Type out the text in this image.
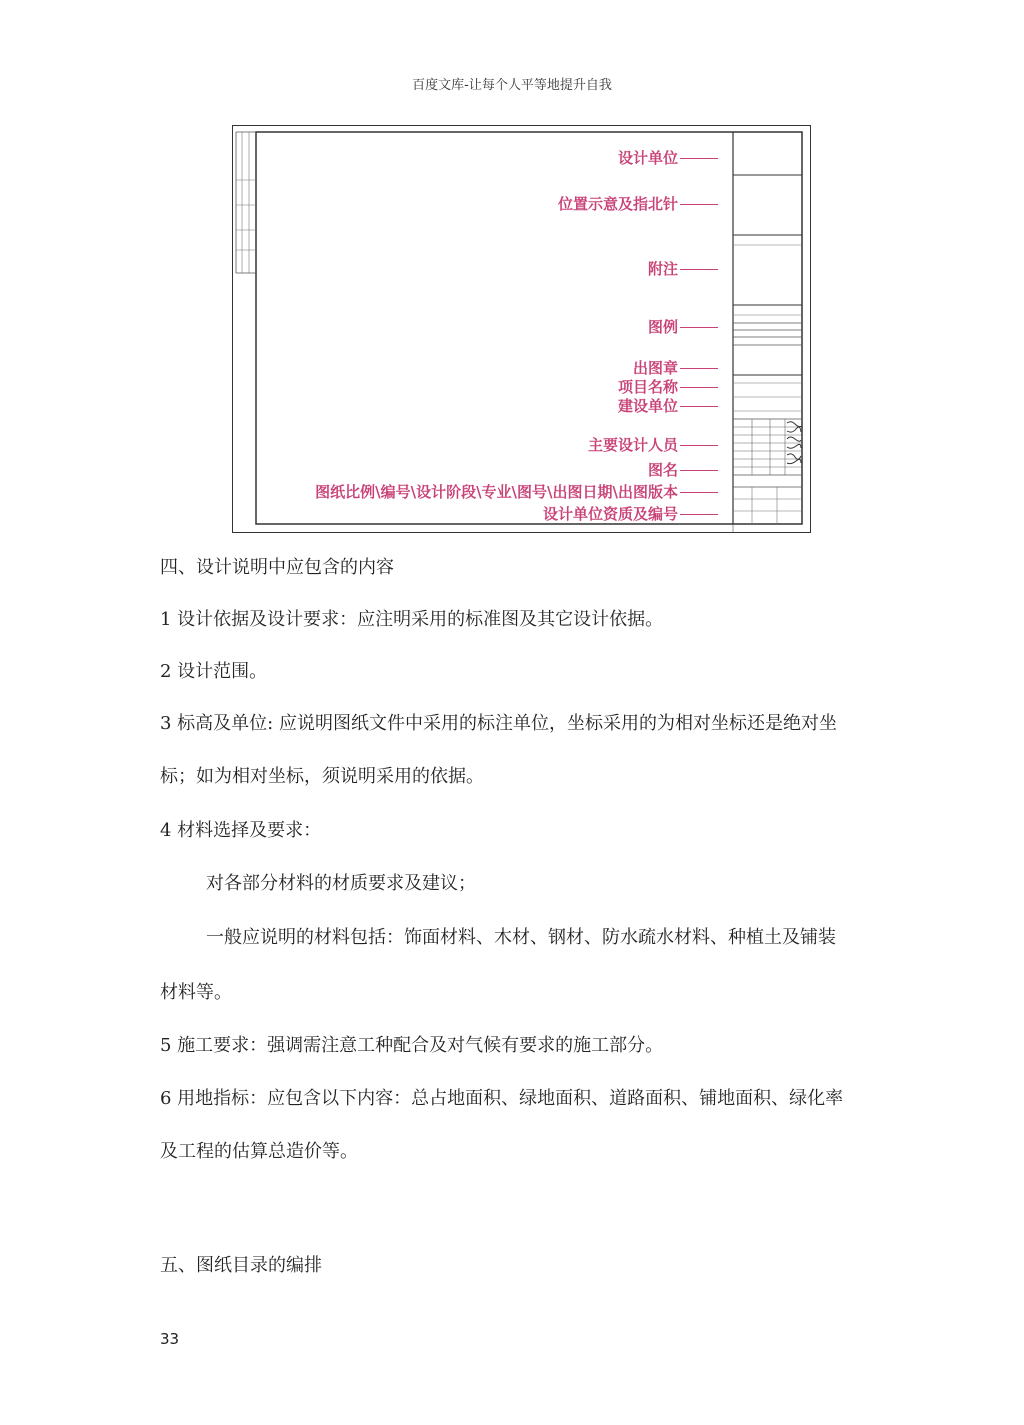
百度文库-让每个人平等地提升自我
设计单位
位置示意及指北针
附注
图例
出图章
项目名称
建设单位
主要设计人员
图名
图纸比例\编号\设计阶段\专业\图号\出图日期\出图版本
设计单位资质及编号
四、设计说明中应包含的内容
1 设计依据及设计要求：应注明采用的标准图及其它设计依据。
2 设计范围。
3 标高及单位: 应说明图纸文件中采用的标注单位，坐标采用的为相对坐标还是绝对坐
标；如为相对坐标，须说明采用的依据。
4 材料选择及要求：
对各部分材料的材质要求及建议；
一般应说明的材料包括：饰面材料、木材、钢材、防水疏水材料、种植土及铺装
材料等。
5 施工要求：强调需注意工种配合及对气候有要求的施工部分。
6 用地指标：应包含以下内容：总占地面积、绿地面积、道路面积、铺地面积、绿化率
及工程的估算总造价等。
五、图纸目录的编排
33
